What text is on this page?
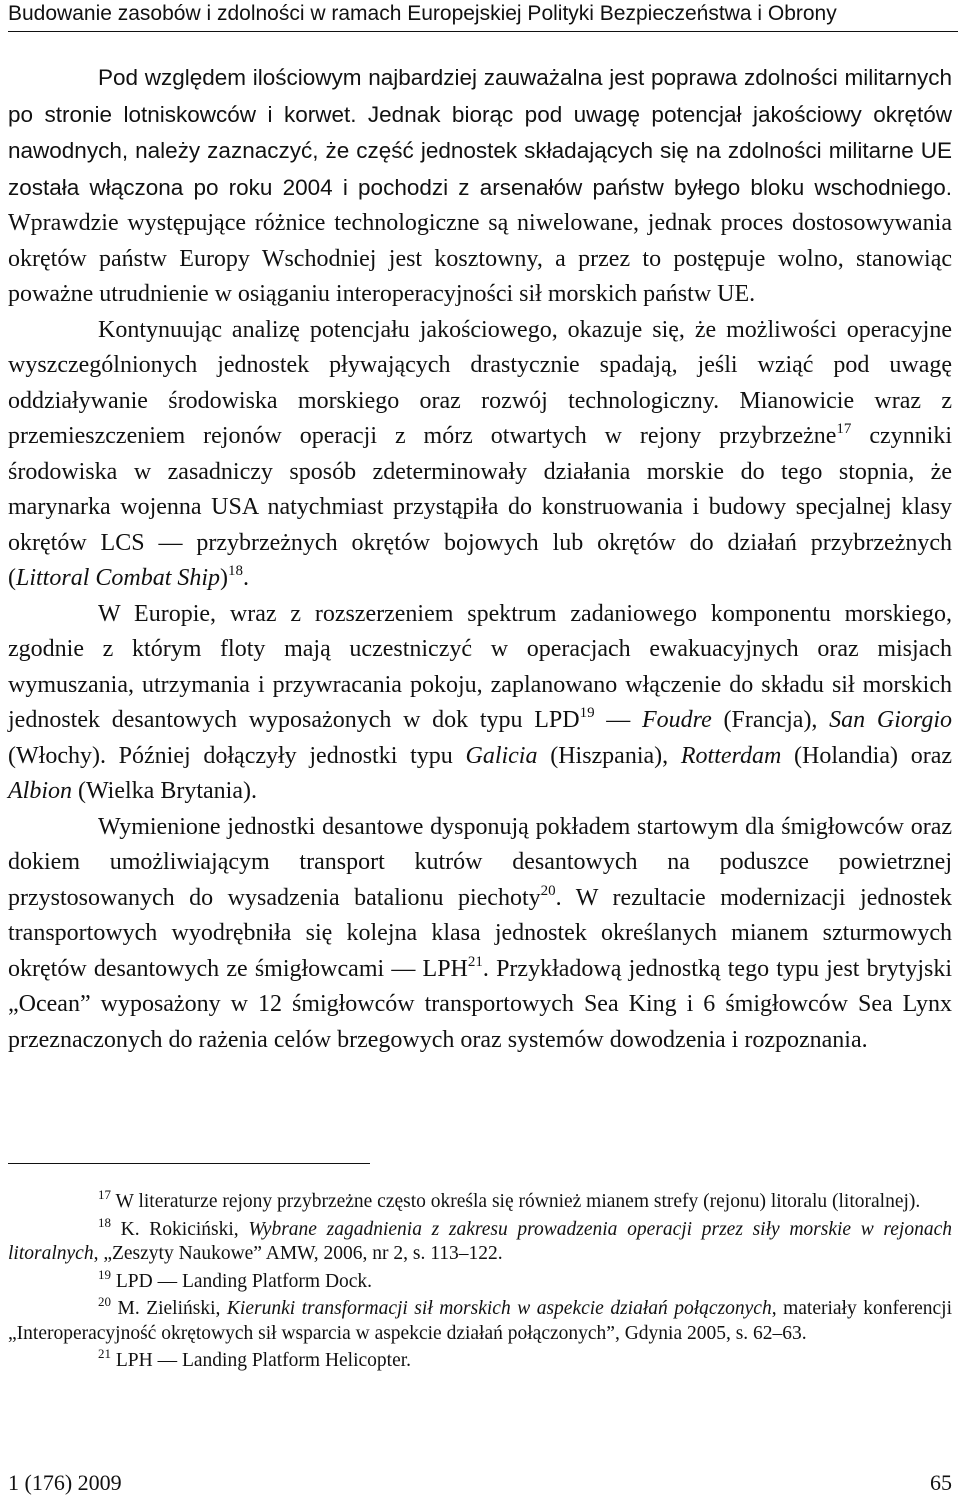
Budowanie zasobów i zdolności w ramach Europejskiej Polityki Bezpieczeństwa i Obrony

Pod względem ilościowym najbardziej zauważalna jest poprawa zdolności militarnych po stronie lotniskowców i korwet. Jednak biorąc pod uwagę potencjał jakościowy okrętów nawodnych, należy zaznaczyć, że część jednostek składających się na zdolności militarne UE została włączona po roku 2004 i pochodzi z arsenałów państw byłego bloku wschodniego. Wprawdzie występujące różnice technologiczne są niwelowane, jednak proces dostosowywania okrętów państw Europy Wschodniej jest kosztowny, a przez to postępuje wolno, stanowiąc poważne utrudnienie w osiąganiu interoperacyjności sił morskich państw UE.

Kontynuując analizę potencjału jakościowego, okazuje się, że możliwości operacyjne wyszczególnionych jednostek pływających drastycznie spadają, jeśli wziąć pod uwagę oddziaływanie środowiska morskiego oraz rozwój technologiczny. Mianowicie wraz z przemieszczeniem rejonów operacji z mórz otwartych w rejony przybrzeżne$^{17}$ czynniki środowiska w zasadniczy sposób zdeterminowały działania morskie do tego stopnia, że marynarka wojenna USA natychmiast przystąpiła do konstruowania i budowy specjalnej klasy okrętów LCS — przybrzeżnych okrętów bojowych lub okrętów do działań przybrzeżnych (Littoral Combat Ship)$^{18}$.

W Europie, wraz z rozszerzeniem spektrum zadaniowego komponentu morskiego, zgodnie z którym floty mają uczestniczyć w operacjach ewakuacyjnych oraz misjach wymuszania, utrzymania i przywracania pokoju, zaplanowano włączenie do składu sił morskich jednostek desantowych wyposażonych w dok typu LPD$^{19}$ — Foudre (Francja), San Giorgio (Włochy). Później dołączyły jednostki typu Galicia (Hiszpania), Rotterdam (Holandia) oraz Albion (Wielka Brytania).

Wymienione jednostki desantowe dysponują pokładem startowym dla śmigłowców oraz dokiem umożliwiającym transport kutrów desantowych na poduszce powietrznej przystosowanych do wysadzenia batalionu piechoty$^{20}$. W rezultacie modernizacji jednostek transportowych wyodrębniła się kolejna klasa jednostek określanych mianem szturmowych okrętów desantowych ze śmigłowcami — LPH$^{21}$. Przykładową jednostką tego typu jest brytyjski „Ocean” wyposażony w 12 śmigłowców transportowych Sea King i 6 śmigłowców Sea Lynx przeznaczonych do rażenia celów brzegowych oraz systemów dowodzenia i rozpoznania.

$^{17}$ W literaturze rejony przybrzeżne często określa się również mianem strefy (rejonu) litoralu (litoralnej).

$^{18}$ K. Rokiciński, Wybrane zagadnienia z zakresu prowadzenia operacji przez siły morskie w rejonach litoralnych, „Zeszyty Naukowe” AMW, 2006, nr 2, s. 113–122.

$^{19}$ LPD — Landing Platform Dock.

$^{20}$ M. Zieliński, Kierunki transformacji sił morskich w aspekcie działań połączonych, materiały konferencji „Interoperacyjność okrętowych sił wsparcia w aspekcie działań połączonych”, Gdynia 2005, s. 62–63.

$^{21}$ LPH — Landing Platform Helicopter.

1 (176) 2009	65
